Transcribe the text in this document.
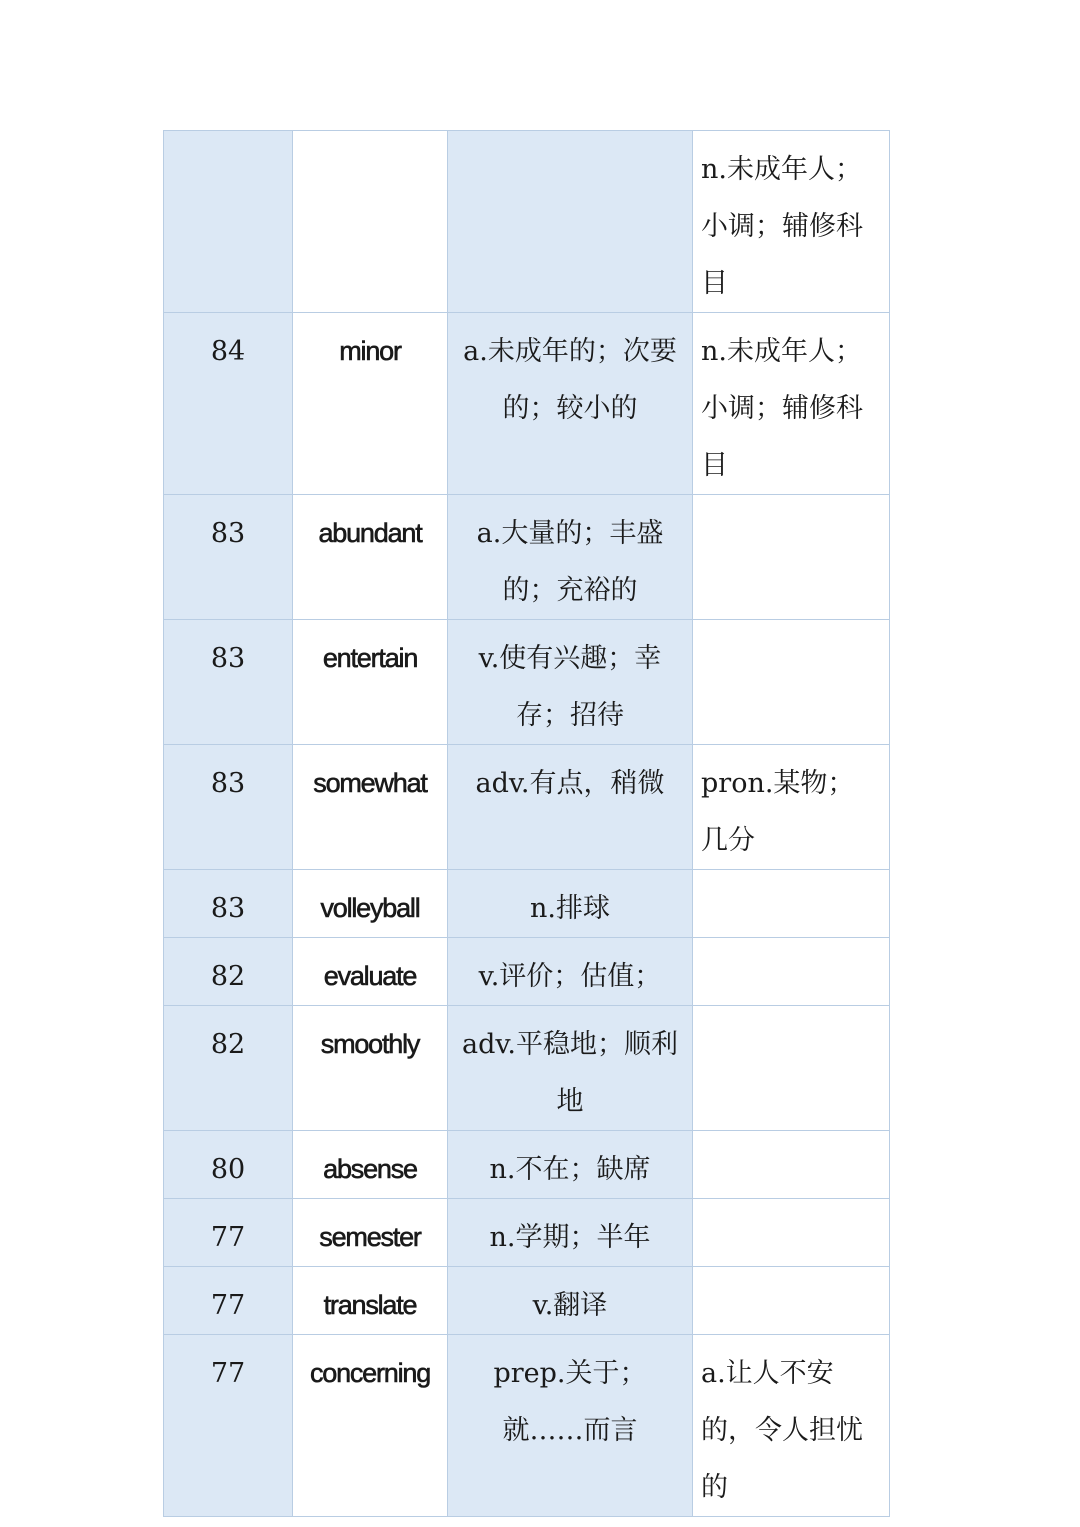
			n.未成年人；小调；辅修科目
84	minor	a.未成年的；次要的；较小的	n.未成年人；小调；辅修科目
83	abundant	a.大量的；丰盛的；充裕的	
83	entertain	v.使有兴趣；幸存；招待	
83	somewhat	adv.有点，稍微	pron.某物；几分
83	volleyball	n.排球	
82	evaluate	v.评价；估值；	
82	smoothly	adv.平稳地；顺利地	
80	absense	n.不在；缺席	
77	semester	n.学期；半年	
77	translate	v.翻译	
77	concerning	prep.关于；就……而言	a.让人不安的，令人担忧的
